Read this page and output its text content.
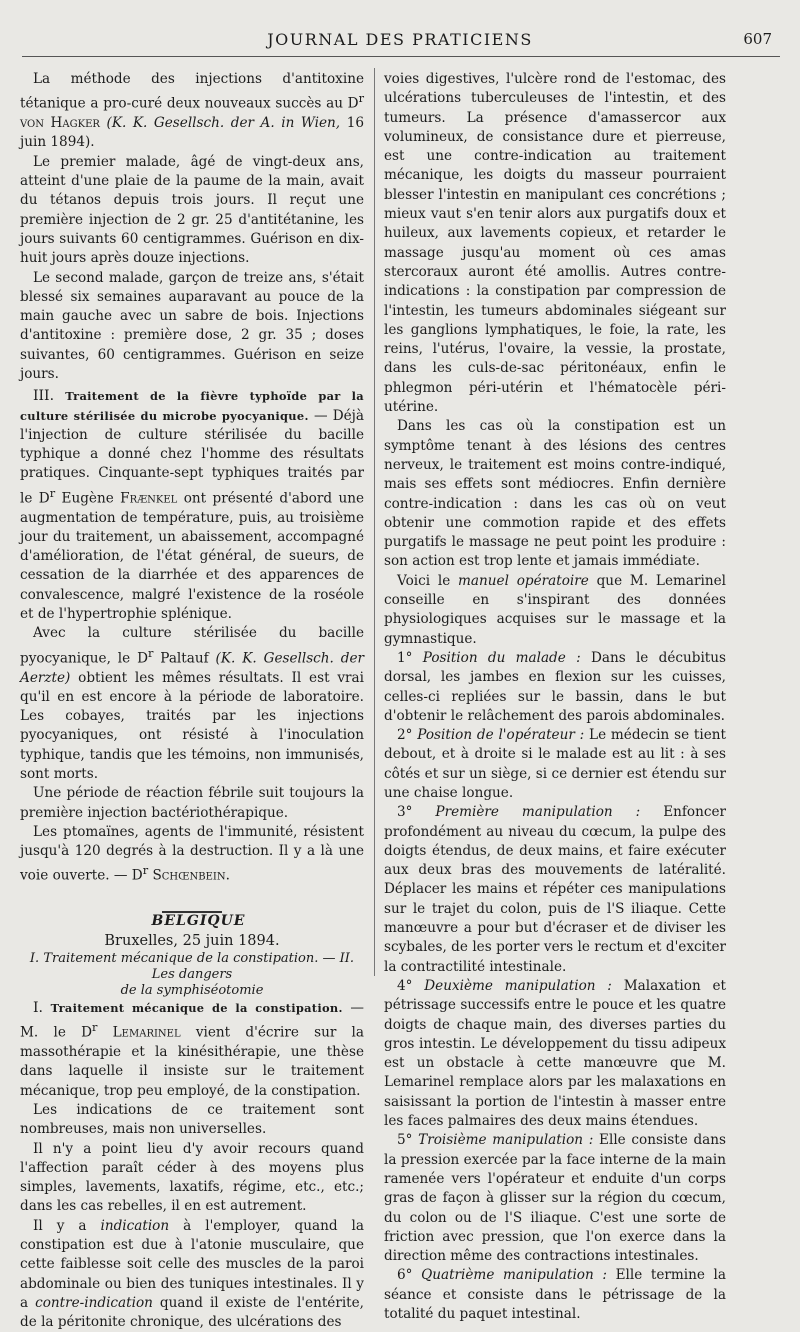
JOURNAL DES PRATICIENS	607

La méthode des injections d'antitoxine tétanique a pro-curé deux nouveaux succès au $D^r$ von Hagker (K. K. Gesellsch. der A. in Wien, 16 juin 1894).

Le premier malade, âgé de vingt-deux ans, atteint d'une plaie de la paume de la main, avait du tétanos depuis trois jours. Il reçut une première injection de 2 gr. 25 d'antitétanine, les jours suivants 60 centigrammes. Guérison en dix-huit jours après douze injections.

Le second malade, garçon de treize ans, s'était blessé six semaines auparavant au pouce de la main gauche avec un sabre de bois. Injections d'antitoxine : première dose, 2 gr. 35 ; doses suivantes, 60 centigrammes. Guérison en seize jours.

III. Traitement de la fièvre typhoïde par la culture stérilisée du microbe pyocyanique. — Déjà l'injection de culture stérilisée du bacille typhique a donné chez l'homme des résultats pratiques. Cinquante-sept typhiques traités par le $D^r$ Eugène Frænkel ont présenté d'abord une augmentation de température, puis, au troisième jour du traitement, un abaissement, accompagné d'amélioration, de l'état général, de sueurs, de cessation de la diarrhée et des apparences de convalescence, malgré l'existence de la roséole et de l'hypertrophie splénique.

Avec la culture stérilisée du bacille pyocyanique, le $D^r$ Paltauf (K. K. Gesellsch. der Aerzte) obtient les mêmes résultats. Il est vrai qu'il en est encore à la période de laboratoire. Les cobayes, traités par les injections pyocyaniques, ont résisté à l'inoculation typhique, tandis que les témoins, non immunisés, sont morts.

Une période de réaction fébrile suit toujours la première injection bactériothérapique.

Les ptomaïnes, agents de l'immunité, résistent jusqu'à 120 degrés à la destruction. Il y a là une voie ouverte. — $D^r$ Schœnbein.

BELGIQUE

Bruxelles, 25 juin 1894.

I. Traitement mécanique de la constipation. — II. Les dangers
de la symphiséotomie

I. Traitement mécanique de la constipation. — M. le $D^r$ Lemarinel vient d'écrire sur la massothérapie et la kinésithérapie, une thèse dans laquelle il insiste sur le traitement mécanique, trop peu employé, de la constipation.

Les indications de ce traitement sont nombreuses, mais non universelles.

Il n'y a point lieu d'y avoir recours quand l'affection paraît céder à des moyens plus simples, lavements, laxatifs, régime, etc., etc.; dans les cas rebelles, il en est autrement.

Il y a indication à l'employer, quand la constipation est due à l'atonie musculaire, que cette faiblesse soit celle des muscles de la paroi abdominale ou bien des tuniques intestinales. Il y a contre-indication quand il existe de l'entérite, de la péritonite chronique, des ulcérations des

voies digestives, l'ulcère rond de l'estomac, des ulcérations tuberculeuses de l'intestin, et des tumeurs. La présence d'amassercor aux volumineux, de consistance dure et pierreuse, est une contre-indication au traitement mécanique, les doigts du masseur pourraient blesser l'intestin en manipulant ces concrétions ; mieux vaut s'en tenir alors aux purgatifs doux et huileux, aux lavements copieux, et retarder le massage jusqu'au moment où ces amas stercoraux auront été amollis. Autres contre-indications : la constipation par compression de l'intestin, les tumeurs abdominales siégeant sur les ganglions lymphatiques, le foie, la rate, les reins, l'utérus, l'ovaire, la vessie, la prostate, dans les culs-de-sac péritonéaux, enfin le phlegmon péri-utérin et l'hématocèle péri-utérine.

Dans les cas où la constipation est un symptôme tenant à des lésions des centres nerveux, le traitement est moins contre-indiqué, mais ses effets sont médiocres. Enfin dernière contre-indication : dans les cas où on veut obtenir une commotion rapide et des effets purgatifs le massage ne peut point les produire : son action est trop lente et jamais immédiate.

Voici le manuel opératoire que M. Lemarinel conseille en s'inspirant des données physiologiques acquises sur le massage et la gymnastique.

1° Position du malade : Dans le décubitus dorsal, les jambes en flexion sur les cuisses, celles-ci repliées sur le bassin, dans le but d'obtenir le relâchement des parois abdominales.

2° Position de l'opérateur : Le médecin se tient debout, et à droite si le malade est au lit : à ses côtés et sur un siège, si ce dernier est étendu sur une chaise longue.

3° Première manipulation : Enfoncer profondément au niveau du cœcum, la pulpe des doigts étendus, de deux mains, et faire exécuter aux deux bras des mouvements de latéralité. Déplacer les mains et répéter ces manipulations sur le trajet du colon, puis de l'S iliaque. Cette manœuvre a pour but d'écraser et de diviser les scybales, de les porter vers le rectum et d'exciter la contractilité intestinale.

4° Deuxième manipulation : Malaxation et pétrissage successifs entre le pouce et les quatre doigts de chaque main, des diverses parties du gros intestin. Le développement du tissu adipeux est un obstacle à cette manœuvre que M. Lemarinel remplace alors par les malaxations en saisissant la portion de l'intestin à masser entre les faces palmaires des deux mains étendues.

5° Troisième manipulation : Elle consiste dans la pression exercée par la face interne de la main ramenée vers l'opérateur et enduite d'un corps gras de façon à glisser sur la région du cœcum, du colon ou de l'S iliaque. C'est une sorte de friction avec pression, que l'on exerce dans la direction même des contractions intestinales.

6° Quatrième manipulation : Elle termine la séance et consiste dans le pétrissage de la totalité du paquet intestinal.
